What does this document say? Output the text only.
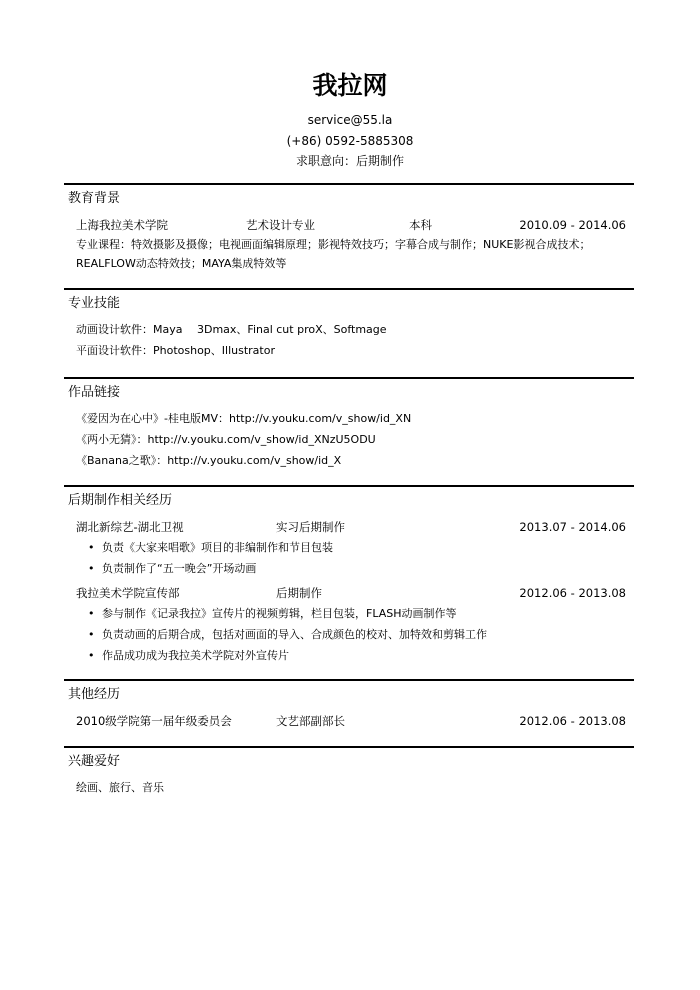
我拉网
service@55.la
(+86) 0592-5885308
求职意向：后期制作
教育背景
上海我拉美术学院	艺术设计专业	本科	2010.09 - 2014.06
专业课程：特效摄影及摄像；电视画面编辑原理；影视特效技巧；字幕合成与制作；NUKE影视合成技术；REALFLOW动态特效技；MAYA集成特效等
专业技能
动画设计软件：Maya　 3Dmax、Final cut proX、Softmage
平面设计软件：Photoshop、Illustrator
作品链接
《爱因为在心中》-桂电版MV：http://v.youku.com/v_show/id_XN
《两小无猜》：http://v.youku.com/v_show/id_XNzU5ODU
《Banana之歌》：http://v.youku.com/v_show/id_X
后期制作相关经历
湖北新综艺-湖北卫视	实习后期制作	2013.07 - 2014.06
• 负责《大家来唱歌》项目的非编制作和节目包装
• 负责制作了“五一晚会”开场动画
我拉美术学院宣传部	后期制作	2012.06 - 2013.08
• 参与制作《记录我拉》宣传片的视频剪辑，栏目包装，FLASH动画制作等
• 负责动画的后期合成，包括对画面的导入、合成颜色的校对、加特效和剪辑工作
• 作品成功成为我拉美术学院对外宣传片
其他经历
2010级学院第一届年级委员会	文艺部副部长	2012.06 - 2013.08
兴趣爱好
绘画、旅行、音乐
